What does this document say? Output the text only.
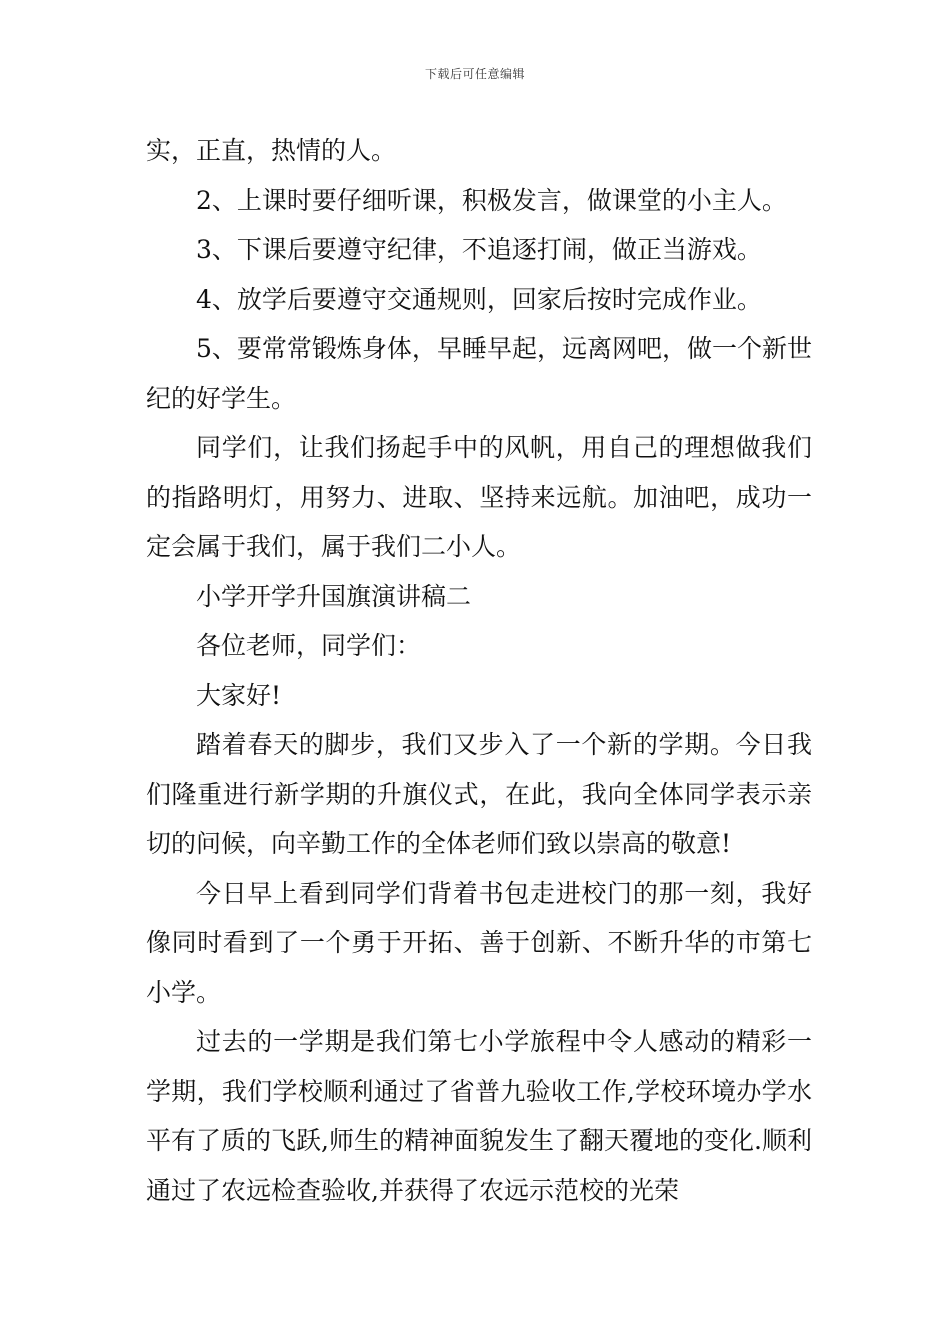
下载后可任意编辑

实，正直，热情的人。

2、上课时要仔细听课，积极发言，做课堂的小主人。

3、下课后要遵守纪律，不追逐打闹，做正当游戏。

4、放学后要遵守交通规则，回家后按时完成作业。

5、要常常锻炼身体，早睡早起，远离网吧，做一个新世纪的好学生。

同学们，让我们扬起手中的风帆，用自己的理想做我们的指路明灯，用努力、进取、坚持来远航。加油吧，成功一定会属于我们，属于我们二小人。

小学开学升国旗演讲稿二

各位老师，同学们：

大家好!

踏着春天的脚步，我们又步入了一个新的学期。今日我们隆重进行新学期的升旗仪式，在此，我向全体同学表示亲切的问候，向辛勤工作的全体老师们致以崇高的敬意!

今日早上看到同学们背着书包走进校门的那一刻，我好像同时看到了一个勇于开拓、善于创新、不断升华的市第七小学。

过去的一学期是我们第七小学旅程中令人感动的精彩一学期，我们学校顺利通过了省普九验收工作,学校环境办学水平有了质的飞跃,师生的精神面貌发生了翻天覆地的变化.顺利通过了农远检查验收,并获得了农远示范校的光荣
